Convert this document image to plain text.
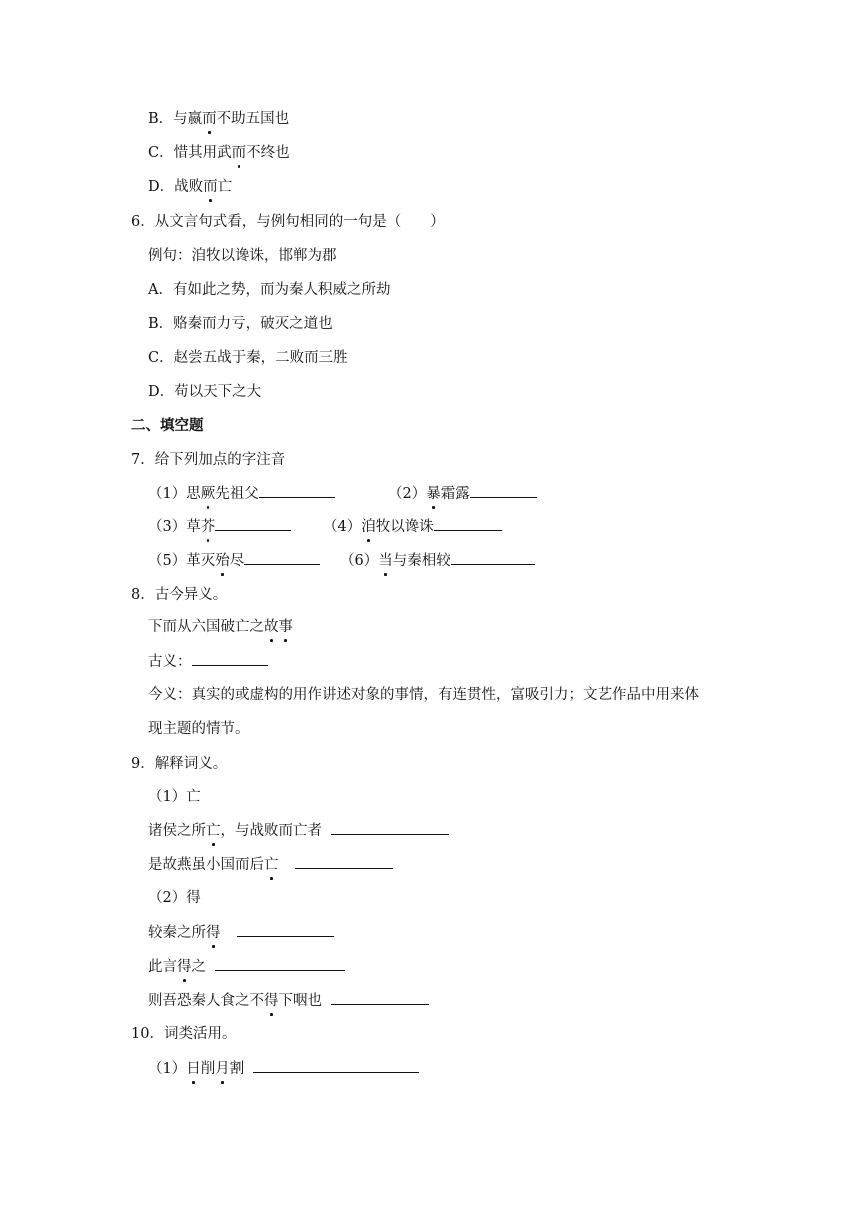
B．与嬴而不助五国也
C．惜其用武而不终也
D．战败而亡
6．从文言句式看，与例句相同的一句是（　　）
例句：洎牧以谗诛，邯郸为郡
A．有如此之势，而为秦人积威之所劫
B．赂秦而力亏，破灭之道也
C．赵尝五战于秦，二败而三胜
D．苟以天下之大
二、填空题
7．给下列加点的字注音
（1）思厥先祖父	（2）暴霜露
（3）草芥	（4）洎牧以谗诛
（5）革灭殆尽	（6）当与秦相较
8．古今异义。
下而从六国破亡之故事
古义：
今义：真实的或虚构的用作讲述对象的事情，有连贯性，富吸引力；文艺作品中用来体
现主题的情节。
9．解释词义。
（1）亡
诸侯之所亡，与战败而亡者
是故燕虽小国而后亡
（2）得
较秦之所得
此言得之
则吾恐秦人食之不得下咽也
10．词类活用。
（1）日削月割
